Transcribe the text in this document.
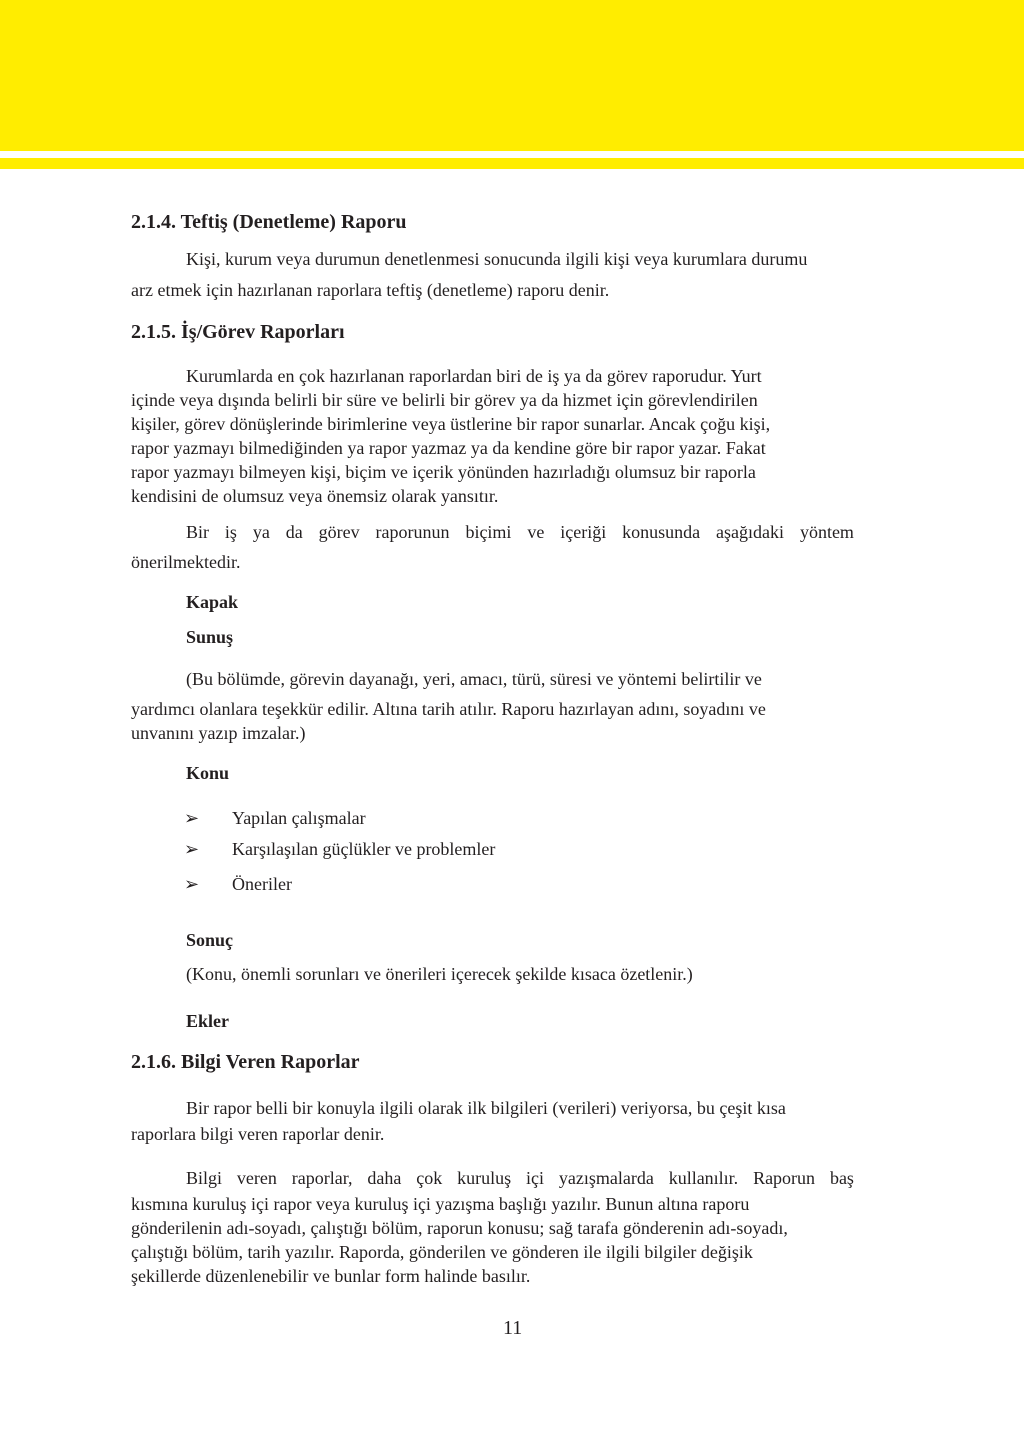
2.1.4. Teftiş (Denetleme) Raporu

Kişi, kurum veya durumun denetlenmesi sonucunda ilgili kişi veya kurumlara durumu

arz etmek için hazırlanan raporlara teftiş (denetleme) raporu denir.

2.1.5. İş/Görev Raporları

Kurumlarda en çok hazırlanan raporlardan biri de iş ya da görev raporudur. Yurt

içinde veya dışında belirli bir süre ve belirli bir görev ya da hizmet için görevlendirilen

kişiler, görev dönüşlerinde birimlerine veya üstlerine bir rapor sunarlar. Ancak çoğu kişi,

rapor yazmayı bilmediğinden ya rapor yazmaz ya da kendine göre bir rapor yazar. Fakat

rapor yazmayı bilmeyen kişi, biçim ve içerik yönünden hazırladığı olumsuz bir raporla

kendisini de olumsuz veya önemsiz olarak yansıtır.

Bir iş ya da görev raporunun biçimi ve içeriği konusunda aşağıdaki yöntem

önerilmektedir.

Kapak

Sunuş

(Bu bölümde, görevin dayanağı, yeri, amacı, türü, süresi ve yöntemi belirtilir ve

yardımcı olanlara teşekkür edilir. Altına tarih atılır. Raporu hazırlayan adını, soyadını ve

unvanını yazıp imzalar.)

Konu

➢ Yapılan çalışmalar

➢ Karşılaşılan güçlükler ve problemler

➢ Öneriler

Sonuç

(Konu, önemli sorunları ve önerileri içerecek şekilde kısaca özetlenir.)

Ekler

2.1.6. Bilgi Veren Raporlar

Bir rapor belli bir konuyla ilgili olarak ilk bilgileri (verileri) veriyorsa, bu çeşit kısa

raporlara bilgi veren raporlar denir.

Bilgi veren raporlar, daha çok kuruluş içi yazışmalarda kullanılır. Raporun baş

kısmına kuruluş içi rapor veya kuruluş içi yazışma başlığı yazılır. Bunun altına raporu

gönderilenin adı-soyadı, çalıştığı bölüm, raporun konusu; sağ tarafa gönderenin adı-soyadı,

çalıştığı bölüm, tarih yazılır. Raporda, gönderilen ve gönderen ile ilgili bilgiler değişik

şekillerde düzenlenebilir ve bunlar form halinde basılır.

11
